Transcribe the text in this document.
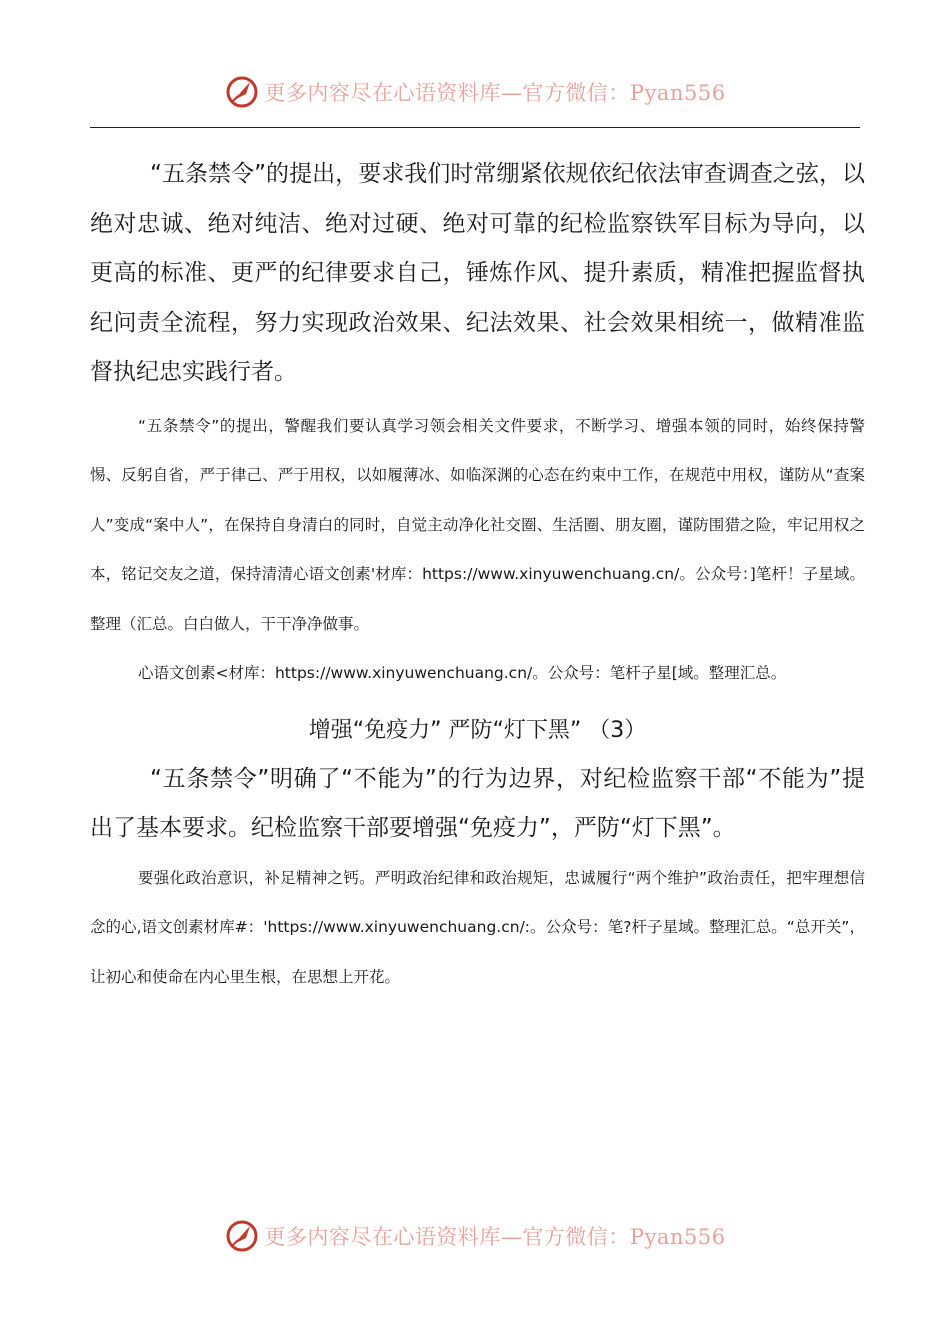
更多内容尽在心语资料库—官方微信：Pyan556

“五条禁令”的提出，要求我们时常绷紧依规依纪依法审查调查之弦，以绝对忠诚、绝对纯洁、绝对过硬、绝对可靠的纪检监察铁军目标为导向，以更高的标准、更严的纪律要求自己，锤炼作风、提升素质，精准把握监督执纪问责全流程，努力实现政治效果、纪法效果、社会效果相统一，做精准监督执纪忠实践行者。

“五条禁令”的提出，警醒我们要认真学习领会相关文件要求，不断学习、增强本领的同时，始终保持警惕、反躬自省，严于律己、严于用权，以如履薄冰、如临深渊的心态在约束中工作，在规范中用权，谨防从“查案人”变成“案中人”，在保持自身清白的同时，自觉主动净化社交圈、生活圈、朋友圈，谨防围猎之险，牢记用权之本，铭记交友之道，保持清清心语文创素'材库：https://www.xinyuwenchuang.cn/。公众号：]笔杆！子星域。整理（汇总。白白做人，干干净净做事。

心语文创素<材库：https://www.xinyuwenchuang.cn/。公众号：笔杆子星[域。整理汇总。

增强“免疫力” 严防“灯下黑” （3）

“五条禁令”明确了“不能为”的行为边界，对纪检监察干部“不能为”提出了基本要求。纪检监察干部要增强“免疫力”，严防“灯下黑”。

要强化政治意识，补足精神之钙。严明政治纪律和政治规矩，忠诚履行“两个维护”政治责任，把牢理想信念的心,语文创素材库#：'https://www.xinyuwenchuang.cn/:。公众号：笔?杆子星域。整理汇总。“总开关”，让初心和使命在内心里生根，在思想上开花。

更多内容尽在心语资料库—官方微信：Pyan556
